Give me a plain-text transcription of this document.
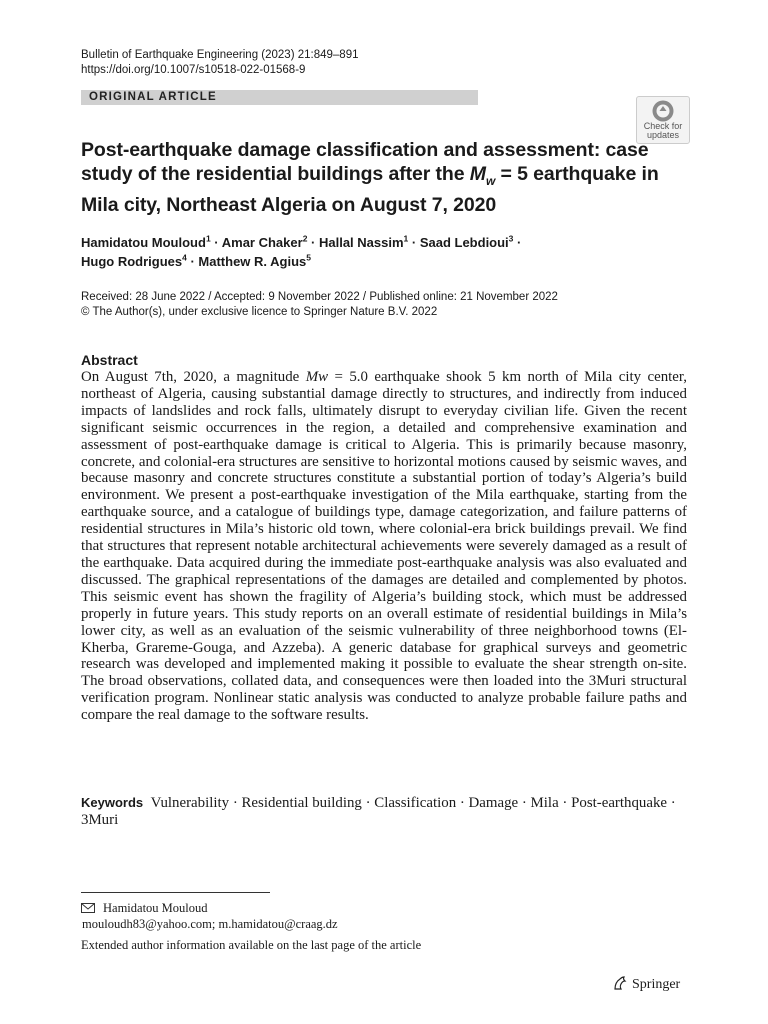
Bulletin of Earthquake Engineering (2023) 21:849–891
https://doi.org/10.1007/s10518-022-01568-9
ORIGINAL ARTICLE
Check for
updates
Post-earthquake damage classification and assessment: case study of the residential buildings after the $M_w = 5$ earthquake in Mila city, Northeast Algeria on August 7, 2020
Hamidatou Mouloud$^1$ · Amar Chaker$^2$ · Hallal Nassim$^1$ · Saad Lebdioui$^3$ ·
Hugo Rodrigues$^4$ · Matthew R. Agius$^5$
Received: 28 June 2022 / Accepted: 9 November 2022 / Published online: 21 November 2022
© The Author(s), under exclusive licence to Springer Nature B.V. 2022
Abstract

On August 7th, 2020, a magnitude Mw = 5.0 earthquake shook 5 km north of Mila city center, northeast of Algeria, causing substantial damage directly to structures, and indirectly from induced impacts of landslides and rock falls, ultimately disrupt to everyday civilian life. Given the recent significant seismic occurrences in the region, a detailed and comprehensive examination and assessment of post-earthquake damage is critical to Algeria. This is primarily because masonry, concrete, and colonial-era structures are sensitive to horizontal motions caused by seismic waves, and because masonry and concrete structures constitute a substantial portion of today’s Algeria’s build environment. We present a post-earthquake investigation of the Mila earthquake, starting from the earthquake source, and a catalogue of buildings type, damage categorization, and failure patterns of residential structures in Mila’s historic old town, where colonial-era brick buildings prevail. We find that structures that represent notable architectural achievements were severely damaged as a result of the earthquake. Data acquired during the immediate post-earthquake analysis was also evaluated and discussed. The graphical representations of the damages are detailed and complemented by photos. This seismic event has shown the fragility of Algeria’s building stock, which must be addressed properly in future years. This study reports on an overall estimate of residential buildings in Mila’s lower city, as well as an evaluation of the seismic vulnerability of three neighborhood towns (El-Kherba, Grareme-Gouga, and Azzeba). A generic database for graphical surveys and geometric research was developed and implemented making it possible to evaluate the shear strength on-site. The broad observations, collated data, and consequences were then loaded into the 3Muri structural verification program. Nonlinear static analysis was conducted to analyze probable failure paths and compare the real damage to the software results.

Keywords Vulnerability · Residential building · Classification · Damage · Mila · Post-earthquake · 3Muri

Hamidatou Mouloud
mouloudh83@yahoo.com; m.hamidatou@craag.dz
Extended author information available on the last page of the article
Springer
